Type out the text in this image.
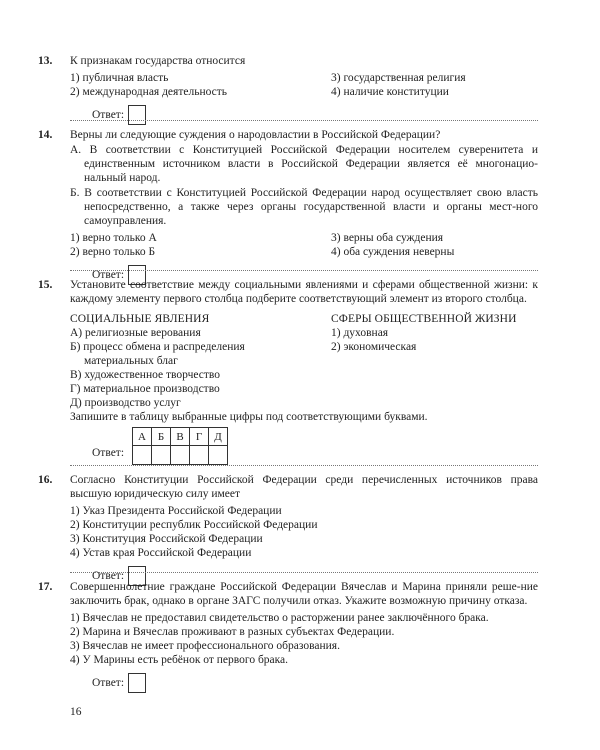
13. К признакам государства относится
1) публичная власть	3) государственная религия
2) международная деятельность	4) наличие конституции
Ответ:
14. Верны ли следующие суждения о народовластии в Российской Федерации?
А. В соответствии с Конституцией Российской Федерации носителем суверенитета и единственным источником власти в Российской Федерации является её многонацио-нальный народ.
Б. В соответствии с Конституцией Российской Федерации народ осуществляет свою власть непосредственно, а также через органы государственной власти и органы мест-ного самоуправления.
1) верно только А	3) верны оба суждения
2) верно только Б	4) оба суждения неверны
Ответ:
15. Установите соответствие между социальными явлениями и сферами общественной жизни: к каждому элементу первого столбца подберите соответствующий элемент из второго столбца.
СОЦИАЛЬНЫЕ ЯВЛЕНИЯ
А) религиозные верования
Б) процесс обмена и распределения материальных благ
В) художественное творчество
Г) материальное производство
Д) производство услуг
СФЕРЫ ОБЩЕСТВЕННОЙ ЖИЗНИ
1) духовная
2) экономическая
Запишите в таблицу выбранные цифры под соответствующими буквами.
Ответ:
А	Б	В	Г	Д

16. Согласно Конституции Российской Федерации среди перечисленных источников права высшую юридическую силу имеет
1) Указ Президента Российской Федерации
2) Конституции республик Российской Федерации
3) Конституция Российской Федерации
4) Устав края Российской Федерации
Ответ:
17. Совершеннолетние граждане Российской Федерации Вячеслав и Марина приняли реше-ние заключить брак, однако в органе ЗАГС получили отказ. Укажите возможную причину отказа.
1) Вячеслав не предоставил свидетельство о расторжении ранее заключённого брака.
2) Марина и Вячеслав проживают в разных субъектах Федерации.
3) Вячеслав не имеет профессионального образования.
4) У Марины есть ребёнок от первого брака.
Ответ:
16
